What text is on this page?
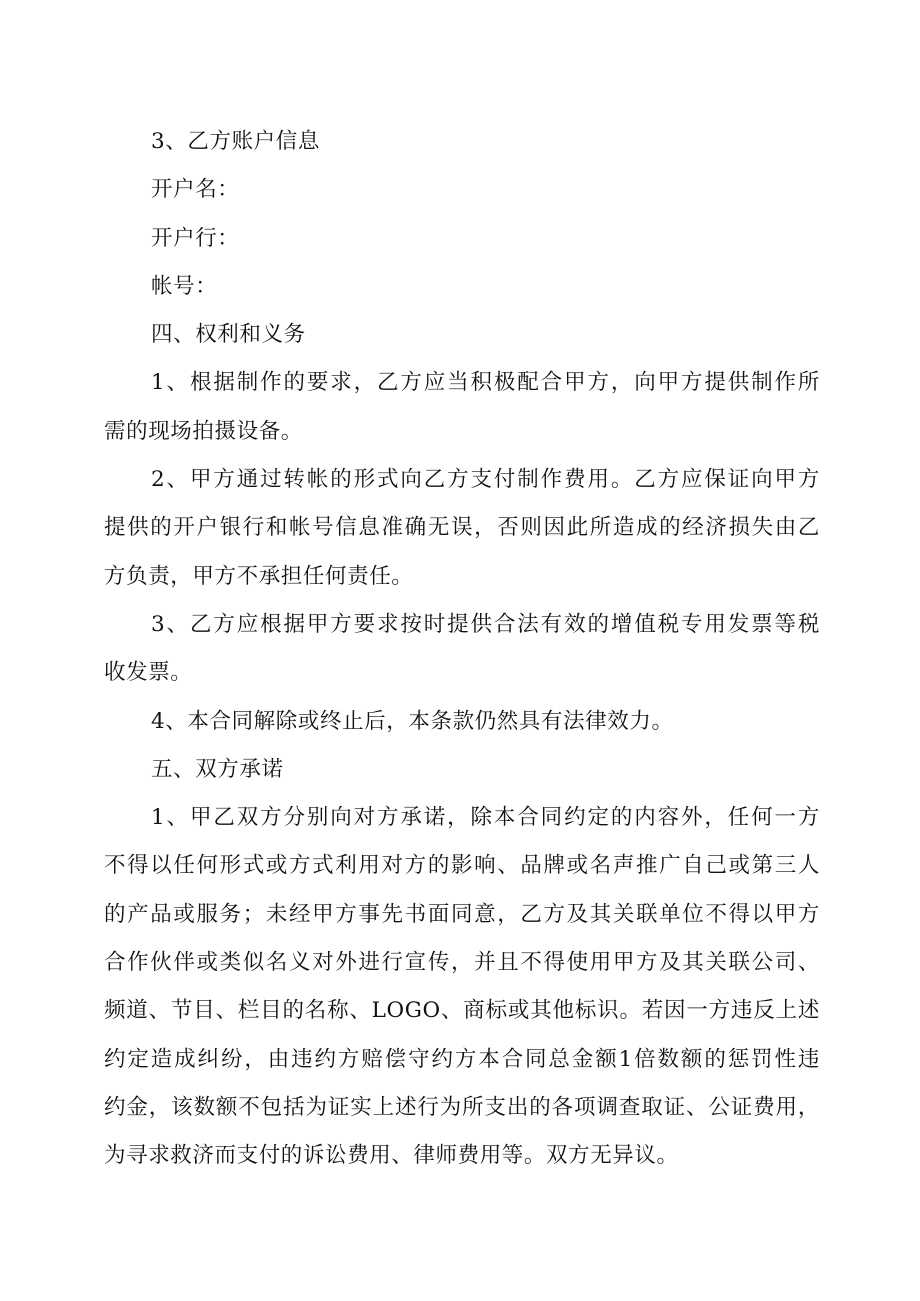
3、乙方账户信息

开户名：

开户行：

帐号：

四、权利和义务

1、根据制作的要求，乙方应当积极配合甲方，向甲方提供制作所

需的现场拍摄设备。

2、甲方通过转帐的形式向乙方支付制作费用。乙方应保证向甲方

提供的开户银行和帐号信息准确无误，否则因此所造成的经济损失由乙

方负责，甲方不承担任何责任。

3、乙方应根据甲方要求按时提供合法有效的增值税专用发票等税

收发票。

4、本合同解除或终止后，本条款仍然具有法律效力。

五、双方承诺

1、甲乙双方分别向对方承诺，除本合同约定的内容外，任何一方

不得以任何形式或方式利用对方的影响、品牌或名声推广自己或第三人

的产品或服务；未经甲方事先书面同意，乙方及其关联单位不得以甲方

合作伙伴或类似名义对外进行宣传，并且不得使用甲方及其关联公司、

频道、节目、栏目的名称、LOGO、商标或其他标识。若因一方违反上述

约定造成纠纷，由违约方赔偿守约方本合同总金额1倍数额的惩罚性违

约金，该数额不包括为证实上述行为所支出的各项调查取证、公证费用，

为寻求救济而支付的诉讼费用、律师费用等。双方无异议。
